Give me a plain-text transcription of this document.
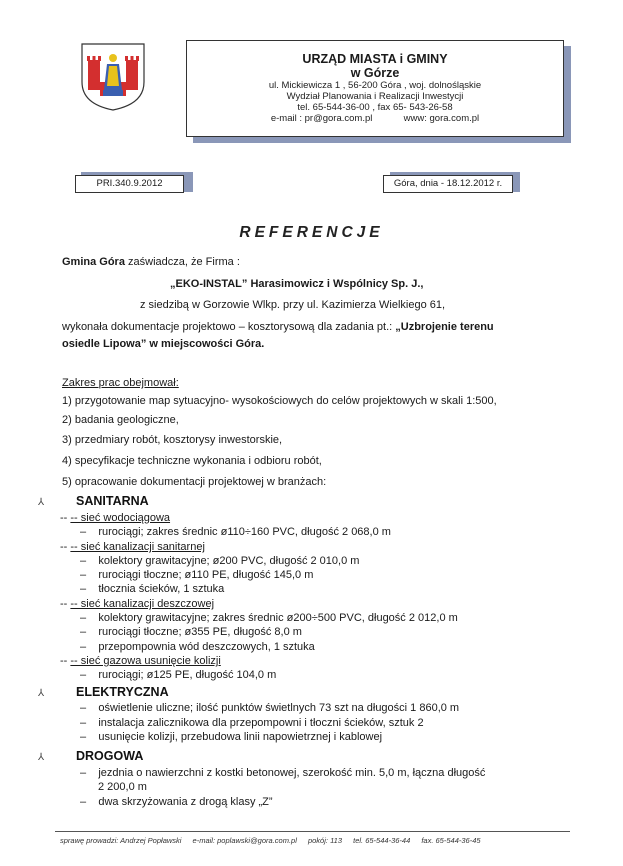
URZĄD MIASTA i GMINY
w Górze
ul. Mickiewicza 1 , 56-200 Góra , woj. dolnośląskie
Wydział Planowania i Realizacji Inwestycji
tel. 65-544-36-00 , fax 65- 543-26-58
e-mail : pr@gora.com.pl	www: gora.com.pl
PRI.340.9.2012	Góra, dnia - 18.12.2012 r.
REFERENCJE
Gmina Góra zaświadcza, że Firma :
„EKO-INSTAL” Harasimowicz i Wspólnicy Sp. J.,
z siedzibą w Gorzowie Wlkp. przy ul. Kazimierza Wielkiego 61,
wykonała dokumentacje projektowo – kosztorysową dla zadania pt.: „Uzbrojenie terenu
osiedle Lipowa” w miejscowości Góra.
Zakres prac obejmował:
1) przygotowanie map sytuacyjno- wysokościowych do celów projektowych w skali 1:500,
2) badania geologiczne,
3) przedmiary robót, kosztorysy inwestorskie,
4) specyfikacje techniczne wykonania i odbioru robót,
5) opracowanie dokumentacji projektowej w branżach:
⅄	SANITARNA
-- -- sieć wodociągowa
–    rurociągi; zakres średnic ø110÷160 PVC, długość 2 068,0 m
-- -- sieć kanalizacji sanitarnej
–    kolektory grawitacyjne; ø200 PVC, długość 2 010,0 m
–    rurociągi tłoczne; ø110 PE, długość 145,0 m
–    tłocznia ścieków, 1 sztuka
-- -- sieć kanalizacji deszczowej
–    kolektory grawitacyjne; zakres średnic ø200÷500 PVC, długość 2 012,0 m
–    rurociągi tłoczne; ø355 PE, długość 8,0 m
–    przepompownia wód deszczowych, 1 sztuka
-- -- sieć gazowa usunięcie kolizji
–    rurociągi; ø125 PE, długość 104,0 m
⅄	ELEKTRYCZNA
–    oświetlenie uliczne; ilość punktów świetlnych 73 szt na długości 1 860,0 m
–    instalacja zalicznikowa dla przepompowni i tłoczni ścieków, sztuk 2
–    usunięcie kolizji, przebudowa linii napowietrznej i kablowej
⅄	DROGOWA
–    jezdnia o nawierzchni z kostki betonowej, szerokość min. 5,0 m, łączna długość
2 200,0 m
–    dwa skrzyżowania z drogą klasy „Z”
sprawę prowadzi: Andrzej Popławski e-mail: poplawski@gora.com.pl pokój: 113 tel. 65-544-36-44 fax. 65-544-36-45
